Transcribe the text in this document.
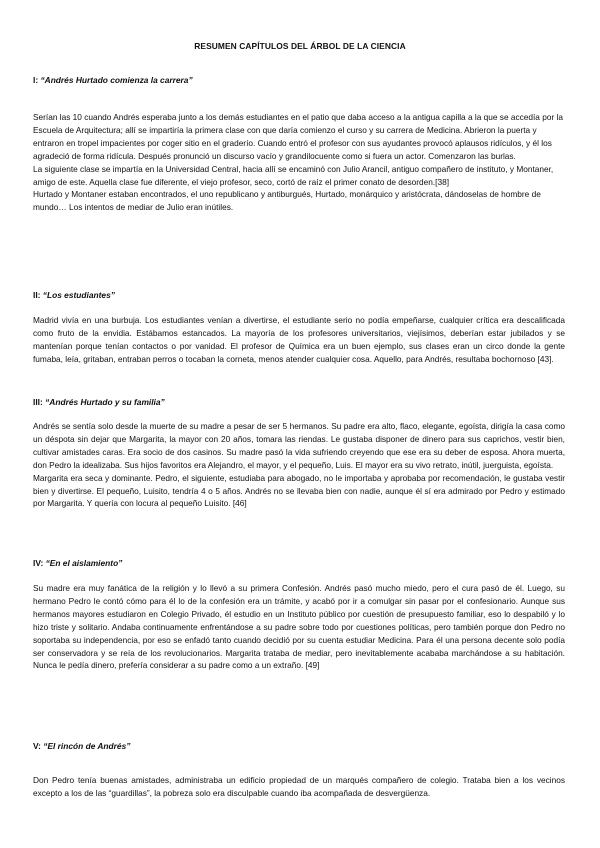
RESUMEN CAPÍTULOS DEL ÁRBOL DE LA CIENCIA
I: “Andrés Hurtado comienza la carrera”

Serían las 10 cuando Andrés esperaba junto a los demás estudiantes en el patio que daba acceso a la antigua capilla a la que se accedía por la Escuela de Arquitectura; allí se impartiría la primera clase con que daría comienzo el curso y su carrera de Medicina. Abrieron la puerta y entraron en tropel impacientes por coger sitio en el graderío. Cuando entró el profesor con sus ayudantes provocó aplausos ridículos, y él los agradeció de forma ridícula. Después pronunció un discurso vacío y grandilocuente como si fuera un actor. Comenzaron las burlas.

La siguiente clase se impartía en la Universidad Central, hacia allí se encaminó con Julio Arancil, antiguo compañero de instituto, y Montaner, amigo de este. Aquella clase fue diferente, el viejo profesor, seco, cortó de raíz el primer conato de desorden.[38]

Hurtado y Montaner estaban encontrados, el uno republicano y antiburgués, Hurtado, monárquico y aristócrata, dándoselas de hombre de mundo… Los intentos de mediar de Julio eran inútiles.

II: “Los estudiantes”

Madrid vivía en una burbuja. Los estudiantes venían a divertirse, el estudiante serio no podía empeñarse, cualquier crítica era descalificada como fruto de la envidia. Estábamos estancados. La mayoría de los profesores universitarios, viejísimos, deberían estar jubilados y se mantenían porque tenían contactos o por vanidad. El profesor de Química era un buen ejemplo, sus clases eran un circo donde la gente fumaba, leía, gritaban, entraban perros o tocaban la corneta, menos atender cualquier cosa. Aquello, para Andrés, resultaba bochornoso [43].

III: “Andrés Hurtado y su familia”

Andrés se sentía solo desde la muerte de su madre a pesar de ser 5 hermanos. Su padre era alto, flaco, elegante, egoísta, dirigía la casa como un déspota sin dejar que Margarita, la mayor con 20 años, tomara las riendas. Le gustaba disponer de dinero para sus caprichos, vestir bien, cultivar amistades caras. Era socio de dos casinos. Su madre pasó la vida sufriendo creyendo que ese era su deber de esposa. Ahora muerta, don Pedro la idealizaba. Sus hijos favoritos era Alejandro, el mayor, y el pequeño, Luis. El mayor era su vivo retrato, inútil, juerguista, egoísta.

Margarita era seca y dominante. Pedro, el siguiente, estudiaba para abogado, no le importaba y aprobaba por recomendación, le gustaba vestir bien y divertirse. El pequeño, Luisito, tendría 4 o 5 años. Andrés no se llevaba bien con nadie, aunque él sí era admirado por Pedro y estimado por Margarita. Y quería con locura al pequeño Luisito. [46]

IV: “En el aislamiento”

Su madre era muy fanática de la religión y lo llevó a su primera Confesión. Andrés pasó mucho miedo, pero el cura pasó de él. Luego, su hermano Pedro le contó cómo para él lo de la confesión era un trámite, y acabó por ir a comulgar sin pasar por el confesionario. Aunque sus hermanos mayores estudiaron en Colegio Privado, él estudio en un Instituto público por cuestión de presupuesto familiar, eso lo despabiló y lo hizo triste y solitario. Andaba continuamente enfrentándose a su padre sobre todo por cuestiones políticas, pero también porque don Pedro no soportaba su independencia, por eso se enfadó tanto cuando decidió por su cuenta estudiar Medicina. Para él una persona decente solo podía ser conservadora y se reía de los revolucionarios. Margarita trataba de mediar, pero inevitablemente acababa marchándose a su habitación. Nunca le pedía dinero, prefería considerar a su padre como a un extraño. [49]

V: “El rincón de Andrés”

Don Pedro tenía buenas amistades, administraba un edificio propiedad de un marqués compañero de colegio. Trataba bien a los vecinos excepto a los de las “guardillas”, la pobreza solo era disculpable cuando iba acompañada de desvergüenza.
